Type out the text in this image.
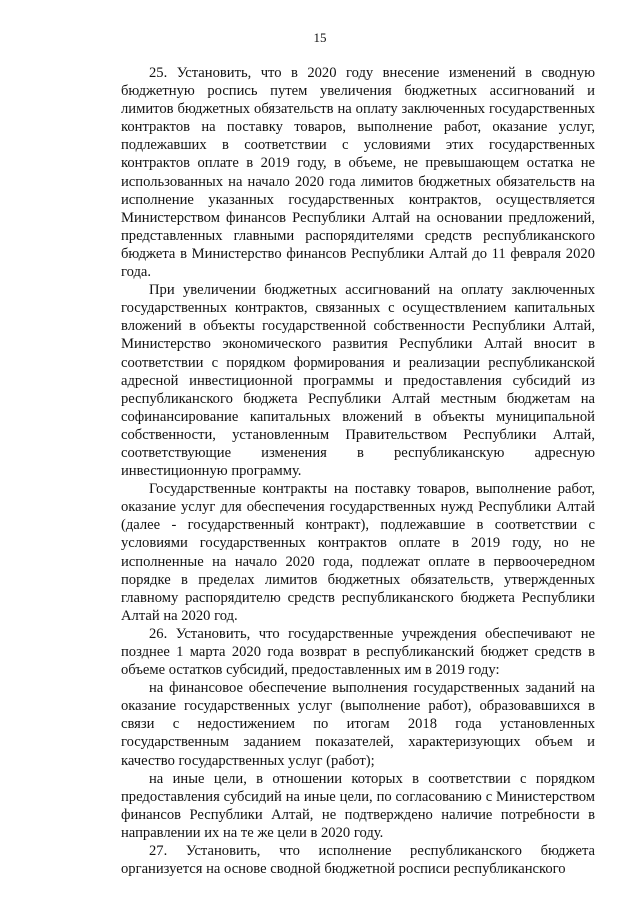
15

25. Установить, что в 2020 году внесение изменений в сводную бюджетную роспись путем увеличения бюджетных ассигнований и лимитов бюджетных обязательств на оплату заключенных государственных контрактов на поставку товаров, выполнение работ, оказание услуг, подлежавших в соответствии с условиями этих государственных контрактов оплате в 2019 году, в объеме, не превышающем остатка не использованных на начало 2020 года лимитов бюджетных обязательств на исполнение указанных государственных контрактов, осуществляется Министерством финансов Республики Алтай на основании предложений, представленных главными распорядителями средств республиканского бюджета в Министерство финансов Республики Алтай до 11 февраля 2020 года.

При увеличении бюджетных ассигнований на оплату заключенных государственных контрактов, связанных с осуществлением капитальных вложений в объекты государственной собственности Республики Алтай, Министерство экономического развития Республики Алтай вносит в соответствии с порядком формирования и реализации республиканской адресной инвестиционной программы и предоставления субсидий из республиканского бюджета Республики Алтай местным бюджетам на софинансирование капитальных вложений в объекты муниципальной собственности, установленным Правительством Республики Алтай, соответствующие изменения в республиканскую адресную инвестиционную программу.

Государственные контракты на поставку товаров, выполнение работ, оказание услуг для обеспечения государственных нужд Республики Алтай (далее - государственный контракт), подлежавшие в соответствии с условиями государственных контрактов оплате в 2019 году, но не исполненные на начало 2020 года, подлежат оплате в первоочередном порядке в пределах лимитов бюджетных обязательств, утвержденных главному распорядителю средств республиканского бюджета Республики Алтай на 2020 год.

26. Установить, что государственные учреждения обеспечивают не позднее 1 марта 2020 года возврат в республиканский бюджет средств в объеме остатков субсидий, предоставленных им в 2019 году:

на финансовое обеспечение выполнения государственных заданий на оказание государственных услуг (выполнение работ), образовавшихся в связи с недостижением по итогам 2018 года установленных государственным заданием показателей, характеризующих объем и качество государственных услуг (работ);

на иные цели, в отношении которых в соответствии с порядком предоставления субсидий на иные цели, по согласованию с Министерством финансов Республики Алтай, не подтверждено наличие потребности в направлении их на те же цели в 2020 году.

27. Установить, что исполнение республиканского бюджета организуется на основе сводной бюджетной росписи республиканского
